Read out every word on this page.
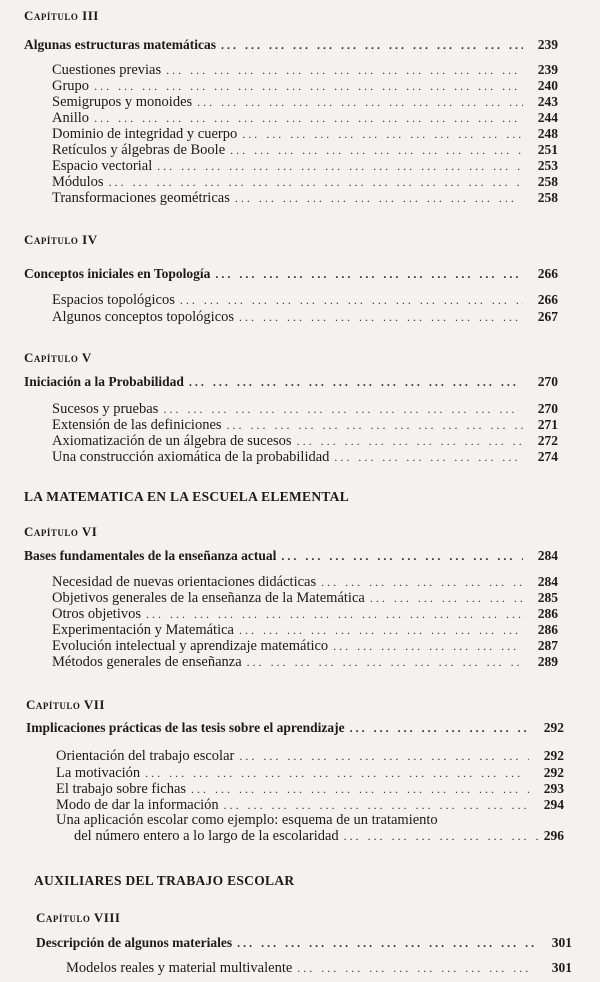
Capítulo III
Algunas estructuras matemáticas ... .	239
Cuestiones previas ... .	239
Grupo ... .	240
Semigrupos y monoides ... .	243
Anillo ... .	244
Dominio de integridad y cuerpo ... .	248
Retículos y álgebras de Boole ... .	251
Espacio vectorial ... .	253
Módulos ... .	258
Transformaciones geométricas ... .	258
Capítulo IV
Conceptos iniciales en Topología ... .	266
Espacios topológicos ... .	266
Algunos conceptos topológicos ... .	267
Capítulo V
Iniciación a la Probabilidad ... .	270
Sucesos y pruebas ... .	270
Extensión de las definiciones ... .	271
Axiomatización de un álgebra de sucesos ... .	272
Una construcción axiomática de la probabilidad ... .	274
LA MATEMATICA EN LA ESCUELA ELEMENTAL
Capítulo VI
Bases fundamentales de la enseñanza actual ... .	284
Necesidad de nuevas orientaciones didácticas ... .	284
Objetivos generales de la enseñanza de la Matemática ... .	285
Otros objetivos ... .	286
Experimentación y Matemática ... .	286
Evolución intelectual y aprendizaje matemático ... .	287
Métodos generales de enseñanza ... .	289
Capítulo VII
Implicaciones prácticas de las tesis sobre el aprendizaje ... .	292
Orientación del trabajo escolar ... .	292
La motivación ... .	292
El trabajo sobre fichas ... .	293
Modo de dar la información ... .	294
Una aplicación escolar como ejemplo: esquema de un tratamiento
del número entero a lo largo de la escolaridad ... .	296
AUXILIARES DEL TRABAJO ESCOLAR
Capítulo VIII
Descripción de algunos materiales ... .	301
Modelos reales y material multivalente ... .	301
